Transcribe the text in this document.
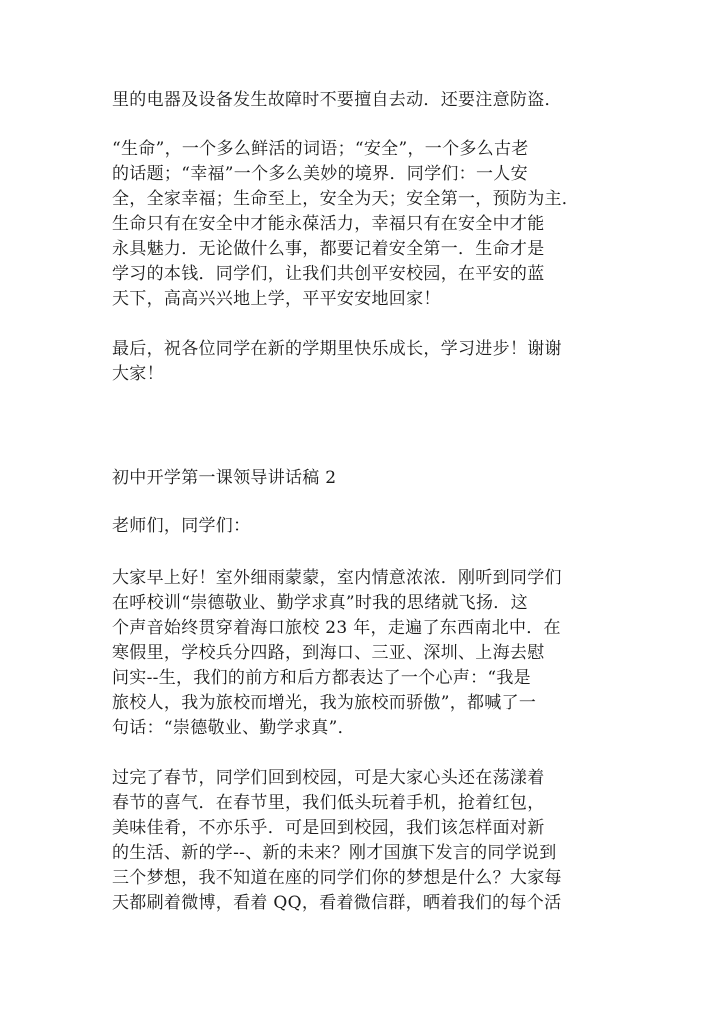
里的电器及设备发生故障时不要擅自去动．还要注意防盗．
“生命”，一个多么鲜活的词语；“安全”，一个多么古老
的话题；“幸福”一个多么美妙的境界．同学们：一人安
全，全家幸福；生命至上，安全为天；安全第一，预防为主．
生命只有在安全中才能永葆活力，幸福只有在安全中才能
永具魅力．无论做什么事，都要记着安全第一．生命才是
学习的本钱．同学们，让我们共创平安校园，在平安的蓝
天下，高高兴兴地上学，平平安安地回家！
最后，祝各位同学在新的学期里快乐成长，学习进步！谢谢
大家！
初中开学第一课领导讲话稿 2
老师们，同学们：
大家早上好！室外细雨蒙蒙，室内情意浓浓．刚听到同学们
在呼校训“崇德敬业、勤学求真”时我的思绪就飞扬．这
个声音始终贯穿着海口旅校 23 年，走遍了东西南北中．在
寒假里，学校兵分四路，到海口、三亚、深圳、上海去慰
问实--生，我们的前方和后方都表达了一个心声：“我是
旅校人，我为旅校而增光，我为旅校而骄傲”，都喊了一
句话：“崇德敬业、勤学求真”．
过完了春节，同学们回到校园，可是大家心头还在荡漾着
春节的喜气．在春节里，我们低头玩着手机，抢着红包，
美味佳肴，不亦乐乎．可是回到校园，我们该怎样面对新
的生活、新的学--、新的未来？刚才国旗下发言的同学说到
三个梦想，我不知道在座的同学们你的梦想是什么？大家每
天都刷着微博，看着 QQ，看着微信群，晒着我们的每个活
